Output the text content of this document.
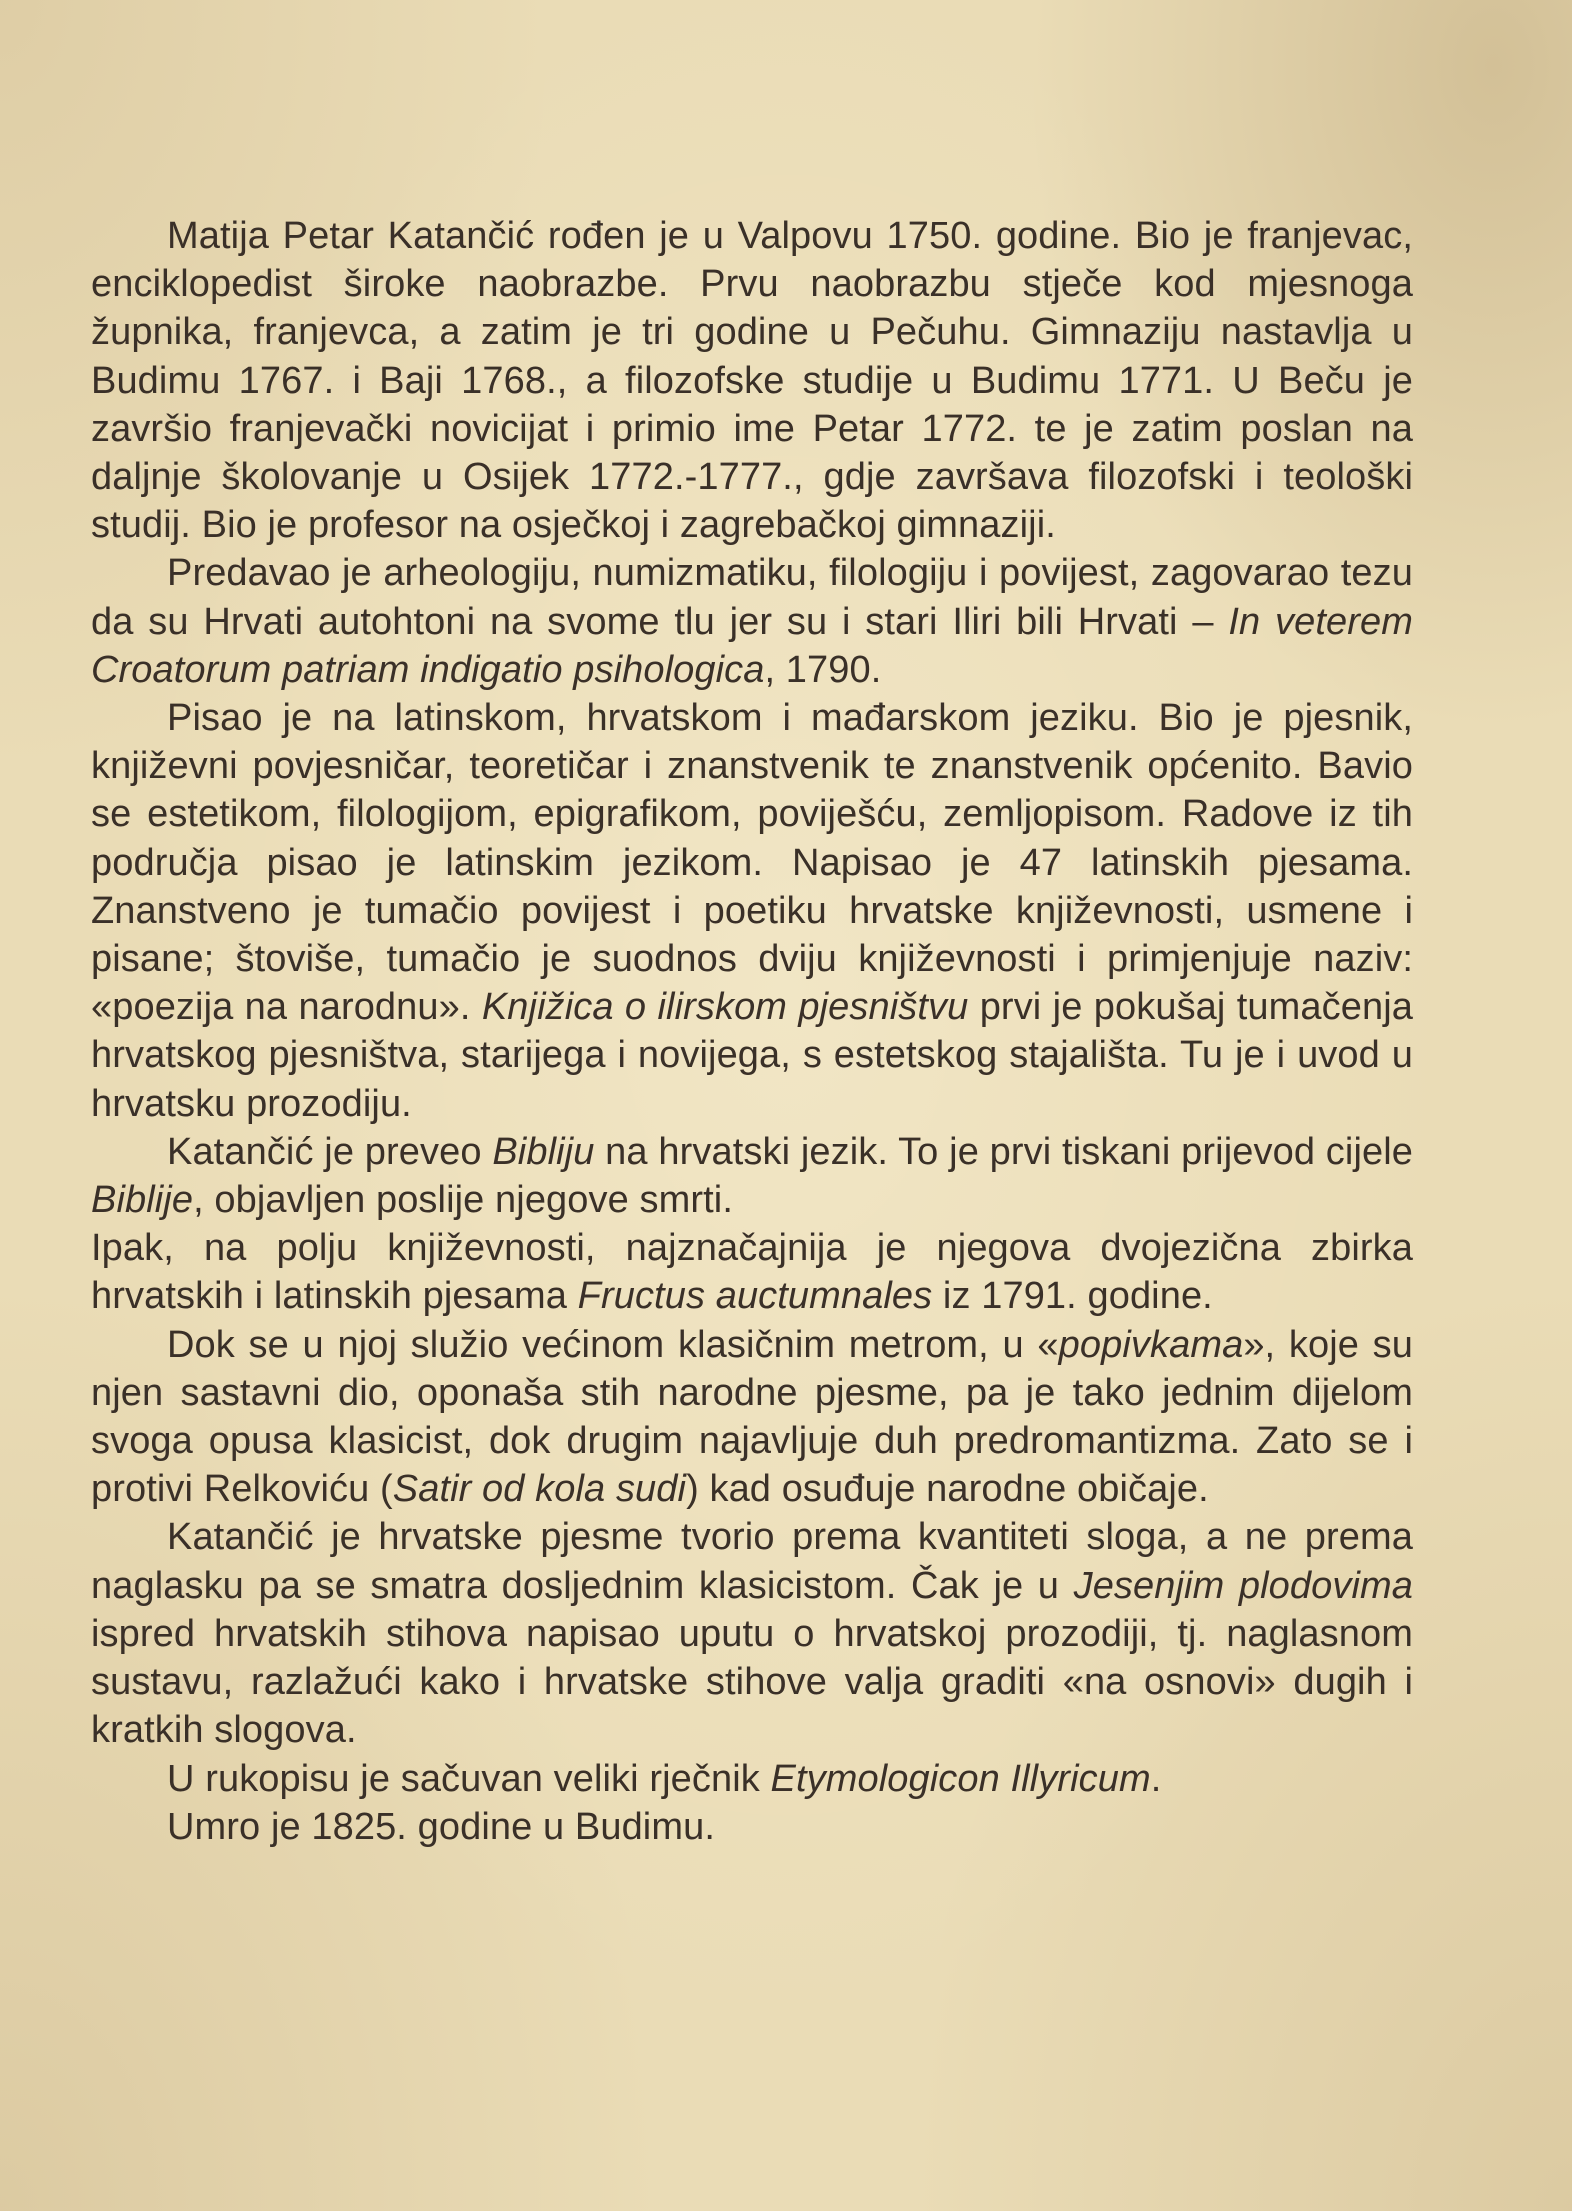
Matija Petar Katančić rođen je u Valpovu 1750. godine. Bio je franjevac, enciklopedist široke naobrazbe. Prvu naobrazbu stječe kod mjesnoga župnika, franjevca, a zatim je tri godine u Pečuhu. Gimnaziju nastavlja u Budimu 1767. i Baji 1768., a filozofske studije u Budimu 1771. U Beču je završio franjevački novicijat i primio ime Petar 1772. te je zatim poslan na daljnje školovanje u Osijek 1772.-1777., gdje završava filozofski i teološki studij. Bio je profesor na osječkoj i zagrebačkoj gimnaziji.

Predavao je arheologiju, numizmatiku, filologiju i povijest, zagovarao tezu da su Hrvati autohtoni na svome tlu jer su i stari Iliri bili Hrvati – In veterem Croatorum patriam indigatio psihologica, 1790.

Pisao je na latinskom, hrvatskom i mađarskom jeziku. Bio je pjesnik, književni povjesničar, teoretičar i znanstvenik te znanstvenik općenito. Bavio se estetikom, filologijom, epigrafikom, poviješću, zemljopisom. Radove iz tih područja pisao je latinskim jezikom. Napisao je 47 latinskih pjesama. Znanstveno je tumačio povijest i poetiku hrvatske književnosti, usmene i pisane; štoviše, tumačio je suodnos dviju književnosti i primjenjuje naziv: «poezija na narodnu». Knjižica o ilirskom pjesništvu prvi je pokušaj tumačenja hrvatskog pjesništva, starijega i novijega, s estetskog stajališta. Tu je i uvod u hrvatsku prozodiju.

Katančić je preveo Bibliju na hrvatski jezik. To je prvi tiskani prijevod cijele Biblije, objavljen poslije njegove smrti.

Ipak, na polju književnosti, najznačajnija je njegova dvojezična zbirka hrvatskih i latinskih pjesama Fructus auctumnales iz 1791. godine.

Dok se u njoj služio većinom klasičnim metrom, u «popivkama», koje su njen sastavni dio, oponaša stih narodne pjesme, pa je tako jednim dijelom svoga opusa klasicist, dok drugim najavljuje duh predromantizma. Zato se i protivi Relkoviću (Satir od kola sudi) kad osuđuje narodne običaje.

Katančić je hrvatske pjesme tvorio prema kvantiteti sloga, a ne prema naglasku pa se smatra dosljednim klasicistom. Čak je u Jesenjim plodovima ispred hrvatskih stihova napisao uputu o hrvatskoj prozodiji, tj. naglasnom sustavu, razlažući kako i hrvatske stihove valja graditi «na osnovi» dugih i kratkih slogova.

U rukopisu je sačuvan veliki rječnik Etymologicon Illyricum.

Umro je 1825. godine u Budimu.
